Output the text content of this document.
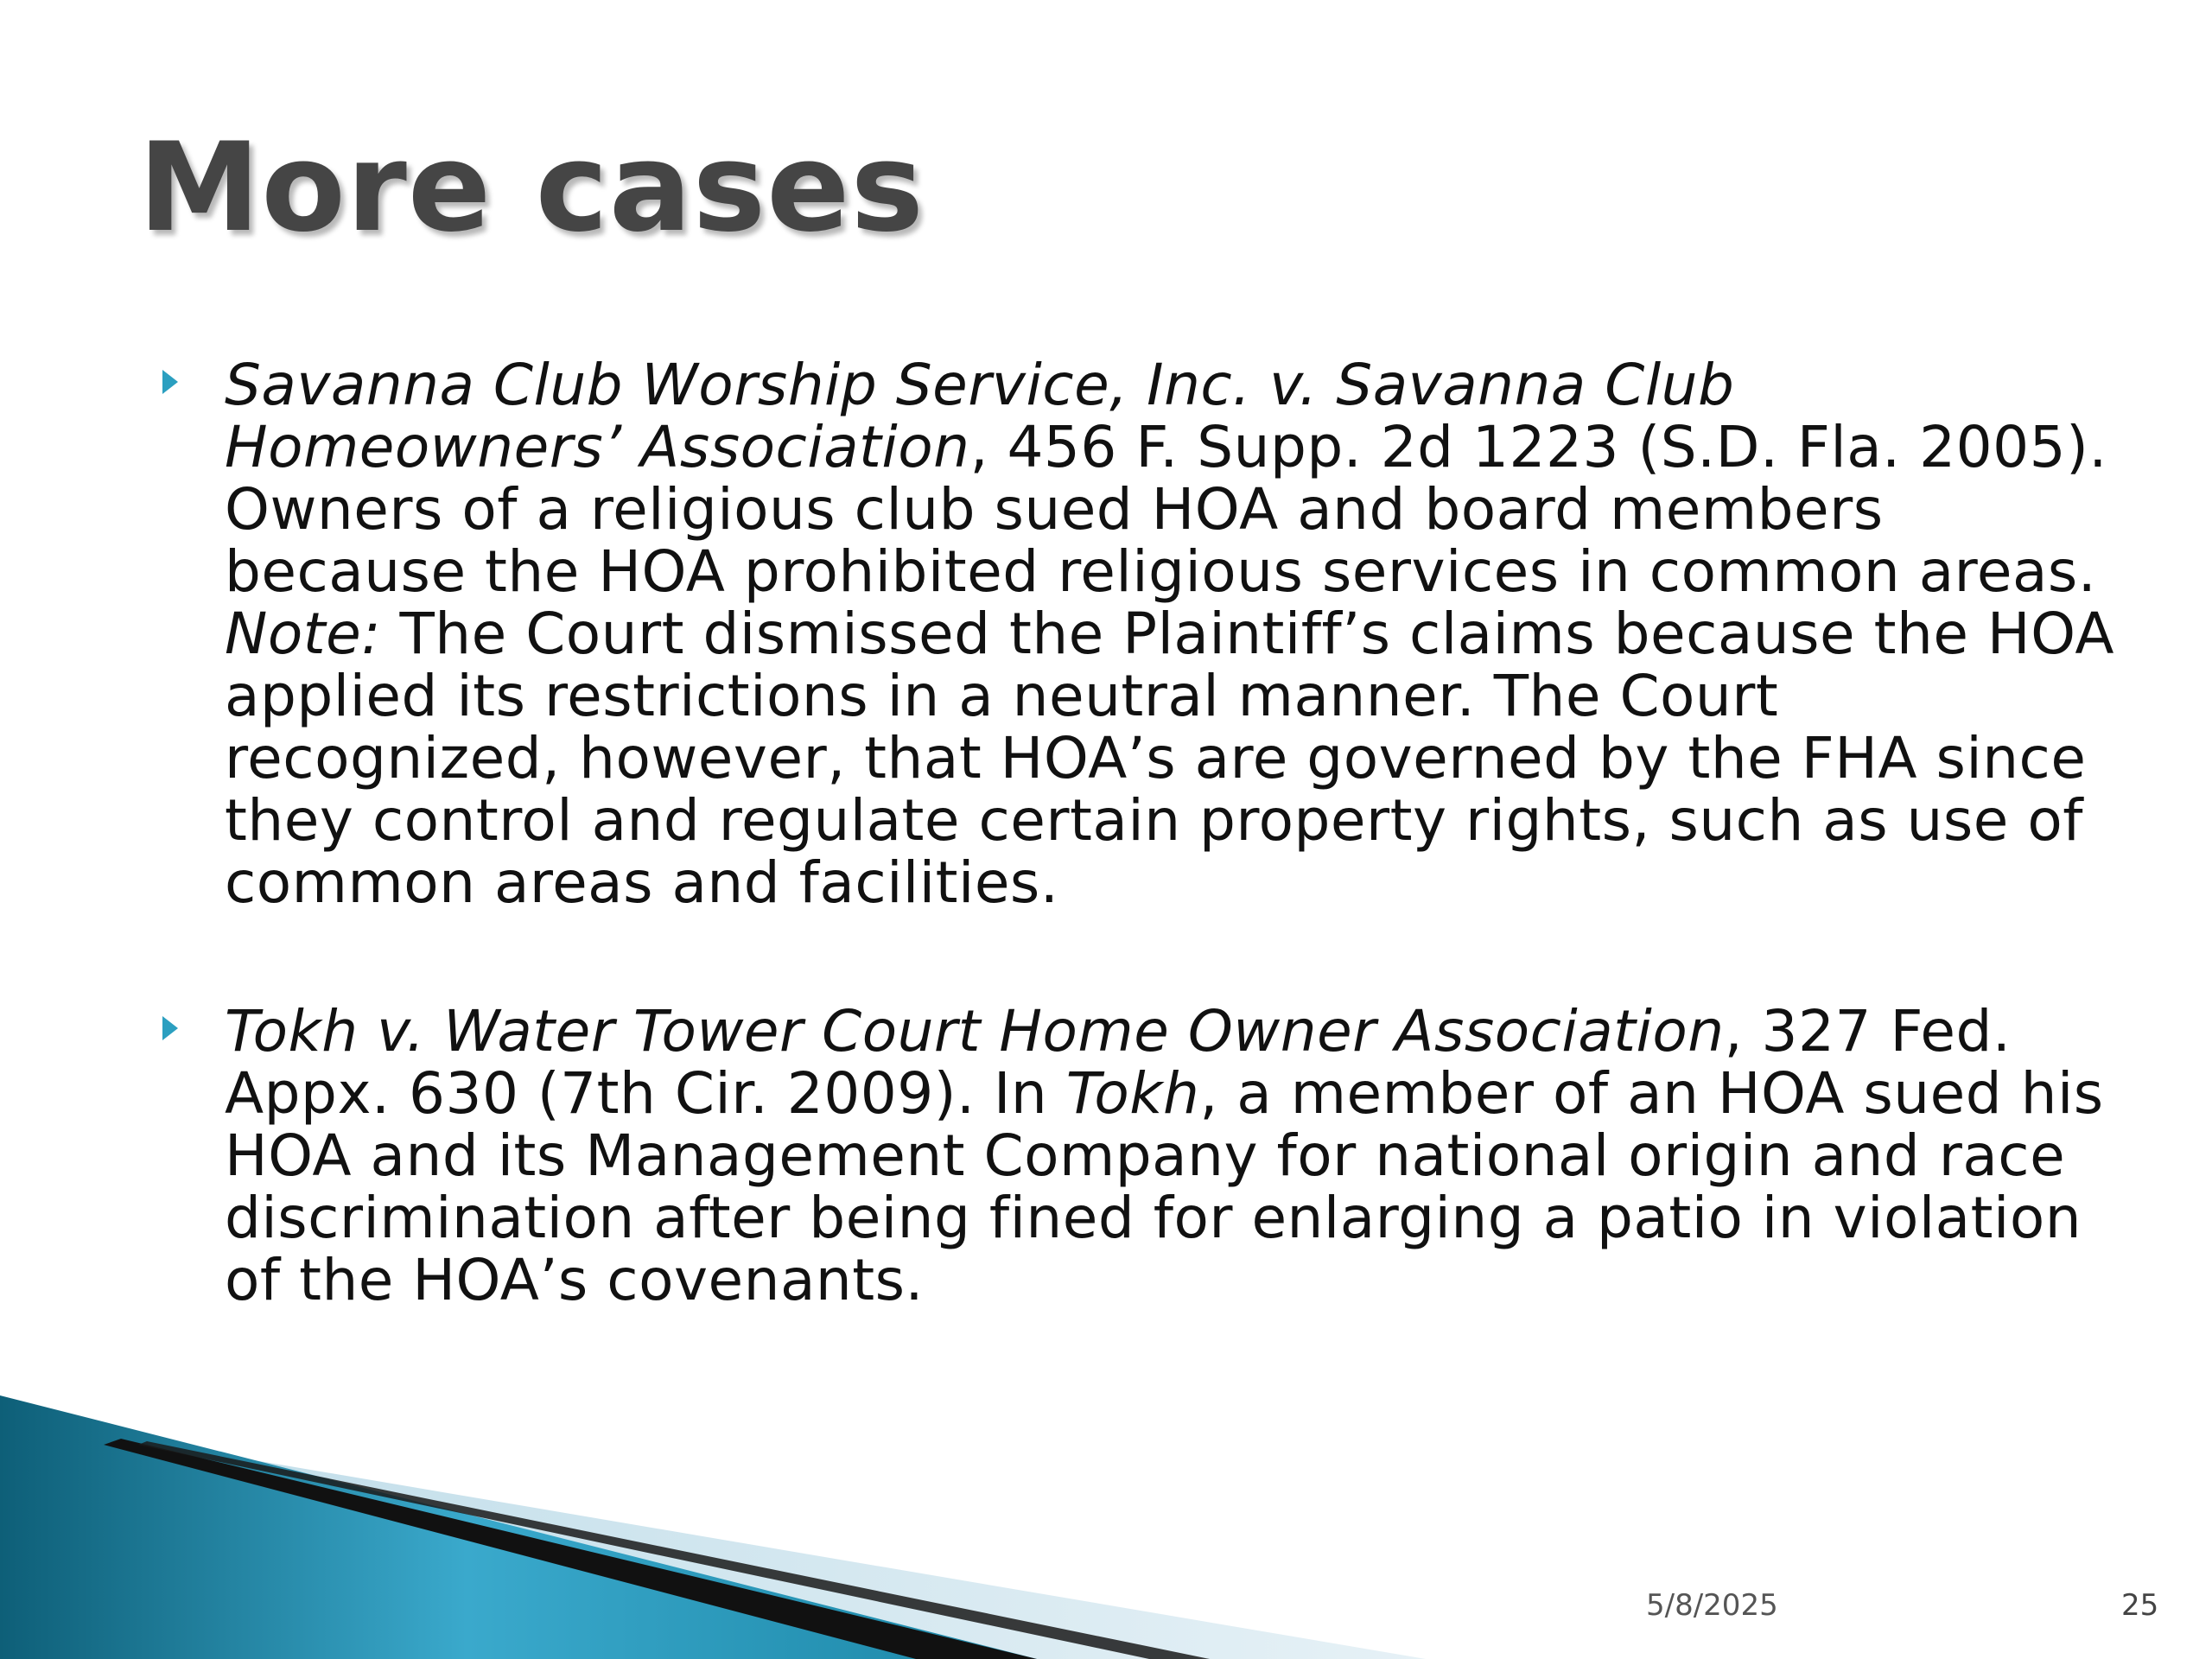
More cases
Savanna Club Worship Service, Inc. v. Savanna Club Homeowners’ Association, 456 F. Supp. 2d 1223 (S.D. Fla. 2005). Owners of a religious club sued HOA and board members because the HOA prohibited religious services in common areas. Note: The Court dismissed the Plaintiff’s claims because the HOA applied its restrictions in a neutral manner. The Court recognized, however, that HOA’s are governed by the FHA since they control and regulate certain property rights, such as use of common areas and facilities.
Tokh v. Water Tower Court Home Owner Association, 327 Fed. Appx. 630 (7th Cir. 2009). In Tokh, a member of an HOA sued his HOA and its Management Company for national origin and race discrimination after being fined for enlarging a patio in violation of the HOA’s covenants.
5/8/2025	25
